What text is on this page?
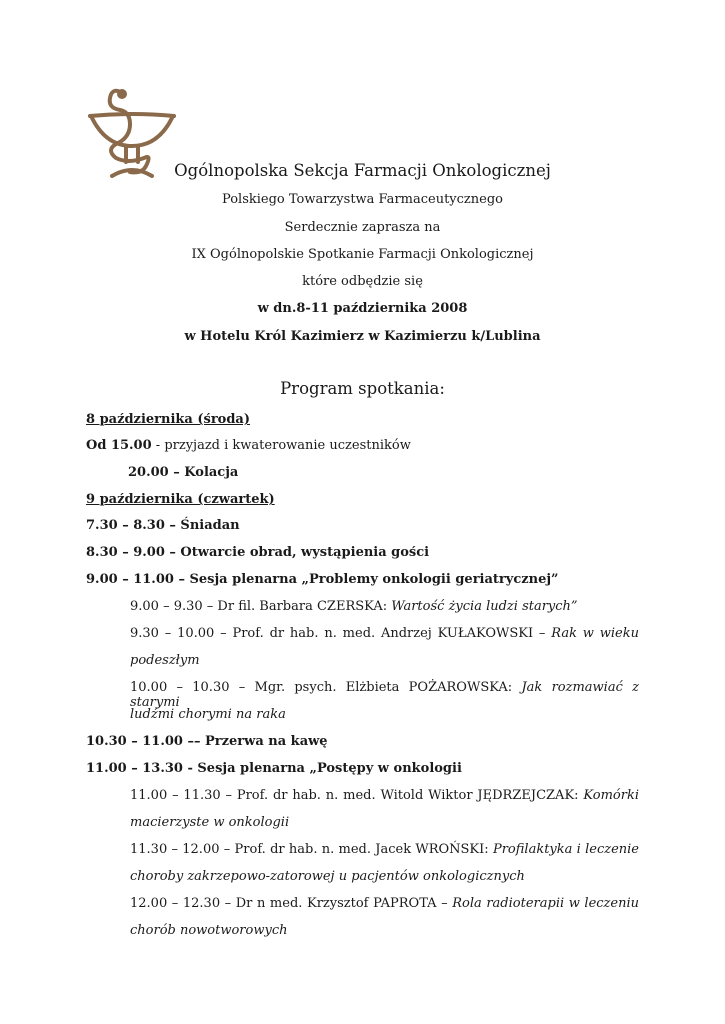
Ogólnopolska Sekcja Farmacji Onkologicznej
Polskiego Towarzystwa Farmaceutycznego
Serdecznie zaprasza na
IX Ogólnopolskie Spotkanie Farmacji Onkologicznej
które odbędzie się
w dn.8-11 października 2008
w Hotelu Król Kazimierz w Kazimierzu k/Lublina
Program spotkania:
8 października (środa)
Od 15.00 - przyjazd i kwaterowanie uczestników
20.00 – Kolacja
9 października (czwartek)
7.30 – 8.30 – Śniadan
8.30 – 9.00 – Otwarcie obrad, wystąpienia gości
9.00 – 11.00 – Sesja plenarna „Problemy onkologii geriatrycznej”
9.00 – 9.30 – Dr fil. Barbara CZERSKA: Wartość życia ludzi starych”
9.30 – 10.00 – Prof. dr hab. n. med. Andrzej KUŁAKOWSKI – Rak w wieku
podeszłym
10.00 – 10.30 – Mgr. psych. Elżbieta POŻAROWSKA: Jak rozmawiać z starymi
ludźmi chorymi na raka
10.30 – 11.00 –– Przerwa na kawę
11.00 – 13.30 - Sesja plenarna „Postępy w onkologii
11.00 – 11.30 – Prof. dr hab. n. med. Witold Wiktor JĘDRZEJCZAK: Komórki
macierzyste w onkologii
11.30 – 12.00 – Prof. dr hab. n. med. Jacek WROŃSKI: Profilaktyka i leczenie
choroby zakrzepowo-zatorowej u pacjentów onkologicznych
12.00 – 12.30 – Dr n med. Krzysztof PAPROTA – Rola radioterapii w leczeniu
chorób nowotworowych
